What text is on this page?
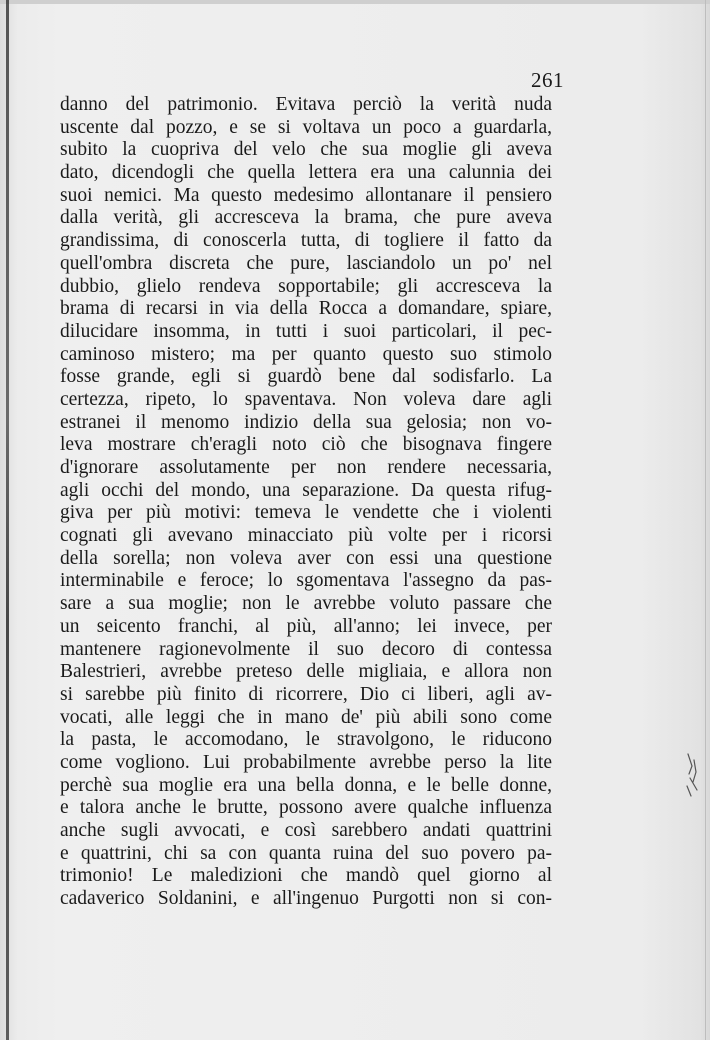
261
danno del patrimonio. Evitava perciò la verità nuda
uscente dal pozzo, e se si voltava un poco a guardarla,
subito la cuopriva del velo che sua moglie gli aveva
dato, dicendogli che quella lettera era una calunnia dei
suoi nemici. Ma questo medesimo allontanare il pensiero
dalla verità, gli accresceva la brama, che pure aveva
grandissima, di conoscerla tutta, di togliere il fatto da
quell'ombra discreta che pure, lasciandolo un po' nel
dubbio, glielo rendeva sopportabile; gli accresceva la
brama di recarsi in via della Rocca a domandare, spiare,
dilucidare insomma, in tutti i suoi particolari, il pec-
caminoso mistero; ma per quanto questo suo stimolo
fosse grande, egli si guardò bene dal sodisfarlo. La
certezza, ripeto, lo spaventava. Non voleva dare agli
estranei il menomo indizio della sua gelosia; non vo-
leva mostrare ch'eragli noto ciò che bisognava fingere
d'ignorare assolutamente per non rendere necessaria,
agli occhi del mondo, una separazione. Da questa rifug-
giva per più motivi: temeva le vendette che i violenti
cognati gli avevano minacciato più volte per i ricorsi
della sorella; non voleva aver con essi una questione
interminabile e feroce; lo sgomentava l'assegno da pas-
sare a sua moglie; non le avrebbe voluto passare che
un seicento franchi, al più, all'anno; lei invece, per
mantenere ragionevolmente il suo decoro di contessa
Balestrieri, avrebbe preteso delle migliaia, e allora non
si sarebbe più finito di ricorrere, Dio ci liberi, agli av-
vocati, alle leggi che in mano de' più abili sono come
la pasta, le accomodano, le stravolgono, le riducono
come vogliono. Lui probabilmente avrebbe perso la lite
perchè sua moglie era una bella donna, e le belle donne,
e talora anche le brutte, possono avere qualche influenza
anche sugli avvocati, e così sarebbero andati quattrini
e quattrini, chi sa con quanta ruina del suo povero pa-
trimonio! Le maledizioni che mandò quel giorno al
cadaverico Soldanini, e all'ingenuo Purgotti non si con-
